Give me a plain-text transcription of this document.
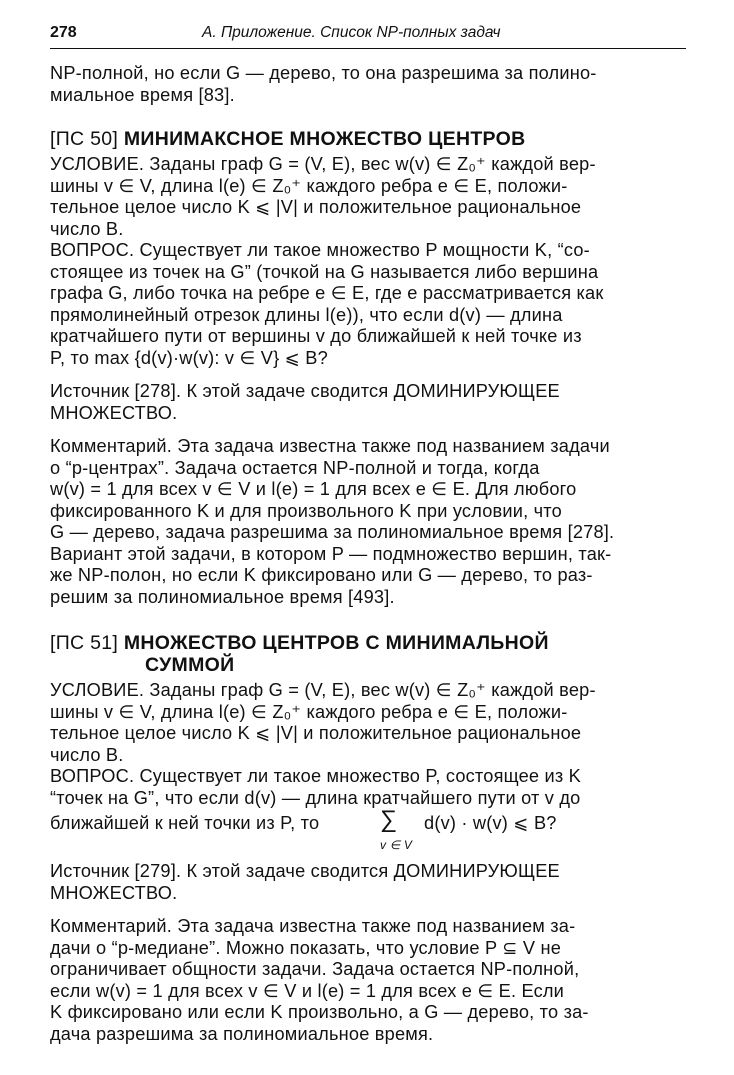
278	А. Приложение. Список NP-полных задач
NP-полной, но если G — дерево, то она разрешима за полино-
миальное время [83].
[ПС 50] МИНИМАКСНОЕ МНОЖЕСТВО ЦЕНТРОВ
УСЛОВИЕ. Заданы граф G = (V, E), вес w(v) ∈ Z₀⁺ каждой вер-
шины v ∈ V, длина l(e) ∈ Z₀⁺ каждого ребра e ∈ E, положи-
тельное целое число K ⩽ |V| и положительное рациональное
число B.
ВОПРОС. Существует ли такое множество P мощности K, “со-
стоящее из точек на G” (точкой на G называется либо вершина
графа G, либо точка на ребре e ∈ E, где e рассматривается как
прямолинейный отрезок длины l(e)), что если d(v) — длина
кратчайшего пути от вершины v до ближайшей к ней точке из
P, то max {d(v)·w(v): v ∈ V} ⩽ B?
Источник [278]. К этой задаче сводится ДОМИНИРУЮЩЕЕ
МНОЖЕСТВО.
Комментарий. Эта задача известна также под названием задачи
о “p-центрах”. Задача остается NP-полной и тогда, когда
w(v) = 1 для всех v ∈ V и l(e) = 1 для всех e ∈ E. Для любого
фиксированного K и для произвольного K при условии, что
G — дерево, задача разрешима за полиномиальное время [278].
Вариант этой задачи, в котором P — подмножество вершин, так-
же NP-полон, но если K фиксировано или G — дерево, то раз-
решим за полиномиальное время [493].
[ПС 51] МНОЖЕСТВО ЦЕНТРОВ С МИНИМАЛЬНОЙ
СУММОЙ
УСЛОВИЕ. Заданы граф G = (V, E), вес w(v) ∈ Z₀⁺ каждой вер-
шины v ∈ V, длина l(e) ∈ Z₀⁺ каждого ребра e ∈ E, положи-
тельное целое число K ⩽ |V| и положительное рациональное
число B.
ВОПРОС. Существует ли такое множество P, состоящее из K
“точек на G”, что если d(v) — длина кратчайшего пути от v до
ближайшей к ней точки из P, то	∑
v ∈ V
d(v) · w(v) ⩽ B?
Источник [279]. К этой задаче сводится ДОМИНИРУЮЩЕЕ
МНОЖЕСТВО.
Комментарий. Эта задача известна также под названием за-
дачи о “p-медиане”. Можно показать, что условие P ⊆ V не
ограничивает общности задачи. Задача остается NP-полной,
если w(v) = 1 для всех v ∈ V и l(e) = 1 для всех e ∈ E. Если
K фиксировано или если K произвольно, а G — дерево, то за-
дача разрешима за полиномиальное время.
